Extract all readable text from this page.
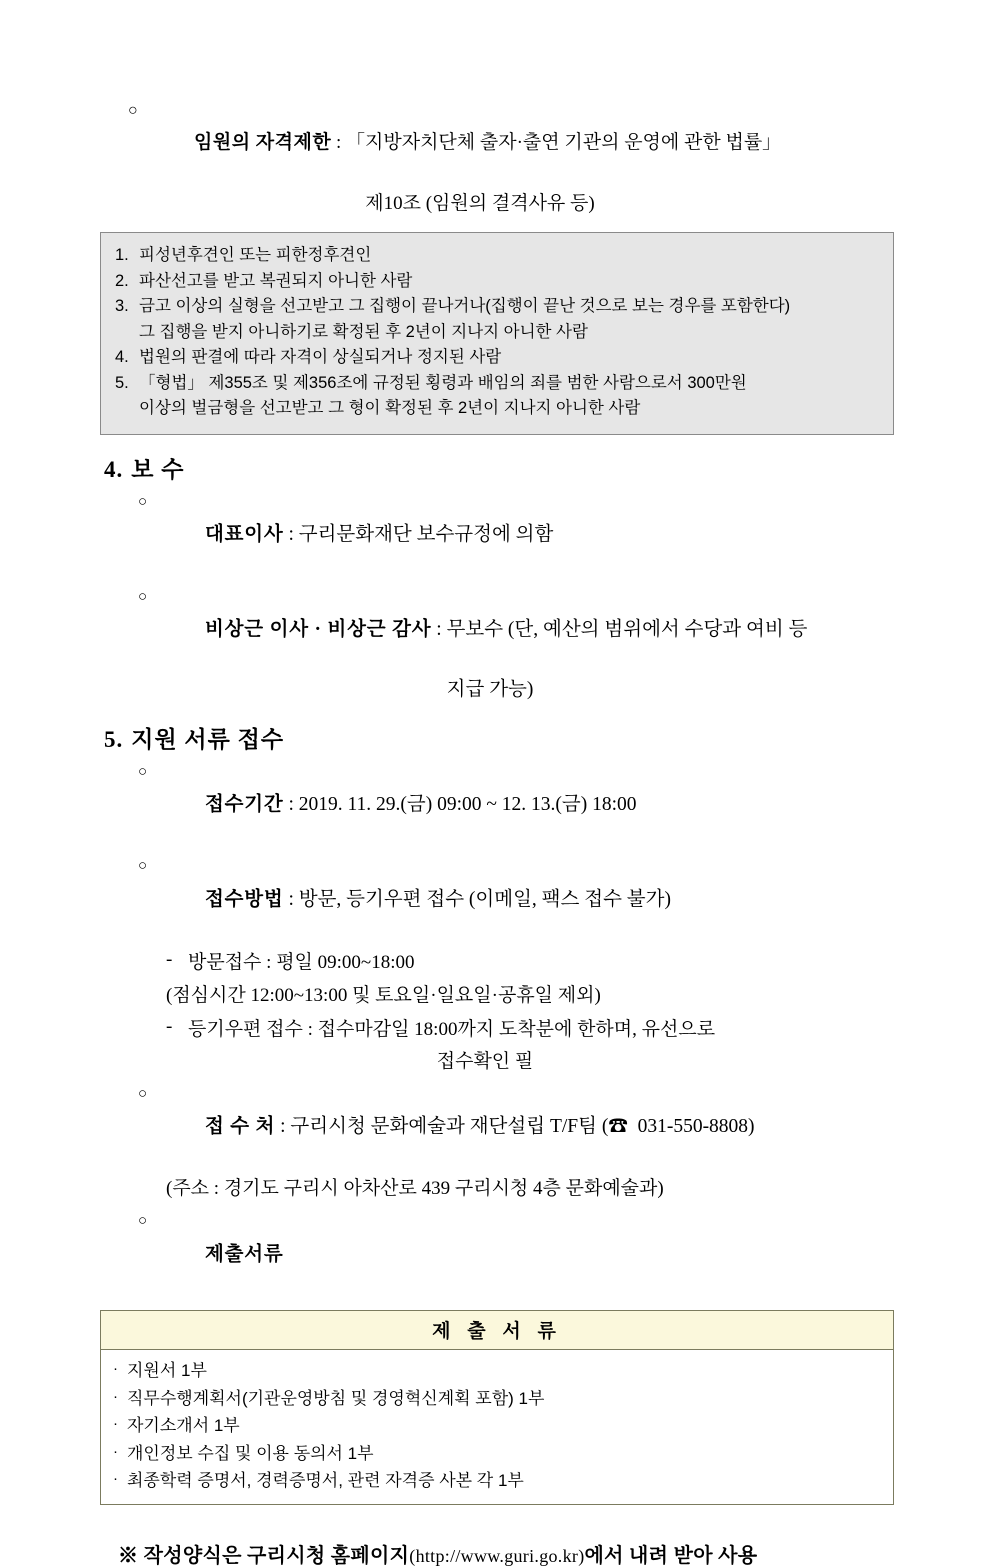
○

임원의 자격제한 : 「지방자치단체 출자·출연 기관의 운영에 관한 법률」

제10조 (임원의 결격사유 등)
1. 피성년후견인 또는 피한정후견인
2. 파산선고를 받고 복권되지 아니한 사람
3. 금고 이상의 실형을 선고받고 그 집행이 끝나거나(집행이 끝난 것으로 보는 경우를 포함한다)
그 집행을 받지 아니하기로 확정된 후 2년이 지나지 아니한 사람
4. 법원의 판결에 따라 자격이 상실되거나 정지된 사람
5. 「형법」 제355조 및 제356조에 규정된 횡령과 배임의 죄를 범한 사람으로서 300만원
이상의 벌금형을 선고받고 그 형이 확정된 후 2년이 지나지 아니한 사람
4. 보 수
○

대표이사 : 구리문화재단 보수규정에 의함

○

비상근 이사 · 비상근 감사 : 무보수 (단, 예산의 범위에서 수당과 여비 등

지급 가능)
5. 지원 서류 접수
○

접수기간 : 2019. 11. 29.(금) 09:00 ~ 12. 13.(금) 18:00

○

접수방법 : 방문, 등기우편 접수 (이메일, 팩스 접수 불가)

- 방문접수 : 평일 09:00~18:00
(점심시간 12:00~13:00 및 토요일·일요일·공휴일 제외)
- 등기우편 접수 : 접수마감일 18:00까지 도착분에 한하며, 유선으로
접수확인 필
○

접 수 처 : 구리시청 문화예술과 재단설립 T/F팀 (☎  031-550-8808)

(주소 : 경기도 구리시 아차산로 439 구리시청 4층 문화예술과)
○

제출서류

제 출 서 류
· 지원서 1부
· 직무수행계획서(기관운영방침 및 경영혁신계획 포함) 1부
· 자기소개서 1부
· 개인정보 수집 및 이용 동의서 1부
· 최종학력 증명서, 경력증명서, 관련 자격증 사본 각 1부
※ 작성양식은 구리시청 홈페이지(http://www.guri.go.kr)에서 내려 받아 사용
